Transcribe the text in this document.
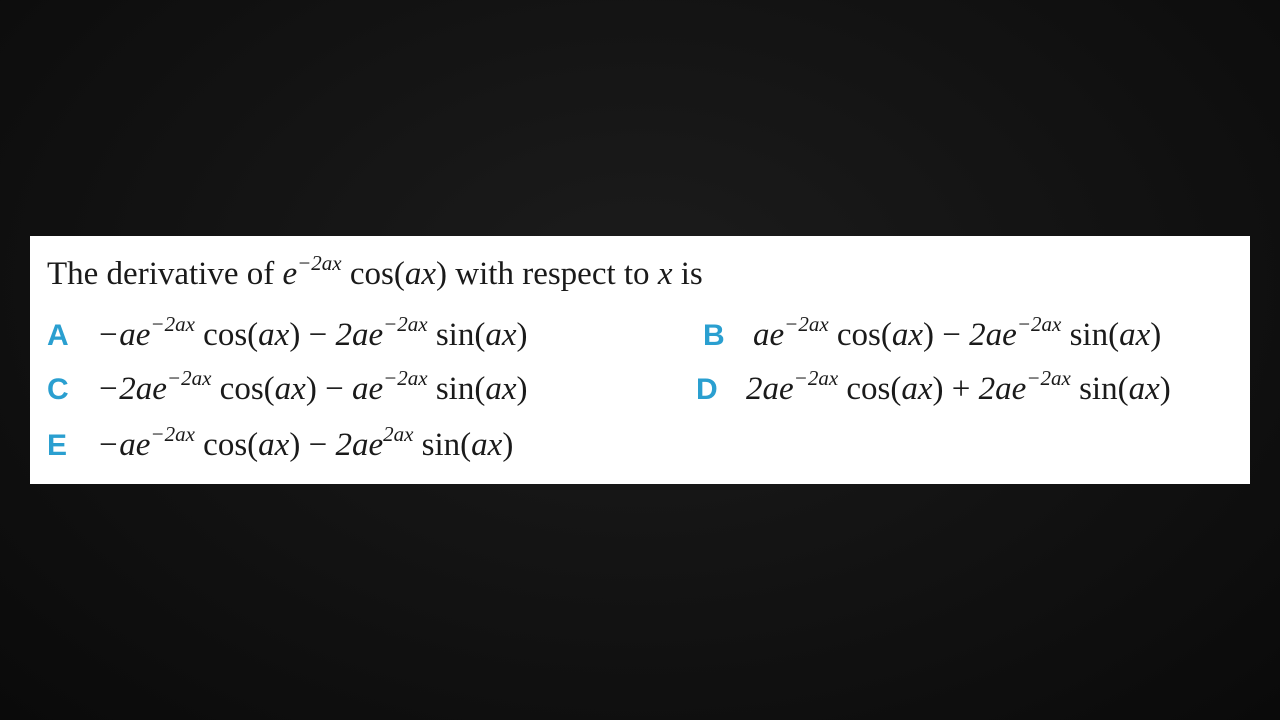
The derivative of $e^{-2ax}$ cos(ax) with respect to x is
$A -ae^{-2ax}$ $\cos(ax) - 2ae^{-2ax}$ sin(ax)	B $ae^{-2ax}$ $\cos(ax) - 2ae^{-2ax}$ sin(ax)
$C -2ae^{-2ax}$ $\cos(ax) - ae^{-2ax}$ sin(ax)	D $2ae^{-2ax}$ $\cos(ax) + 2ae^{-2ax}$ sin(ax)
$E -ae^{-2ax}$ $\cos(ax) - 2ae^{2ax}$ sin(ax)
